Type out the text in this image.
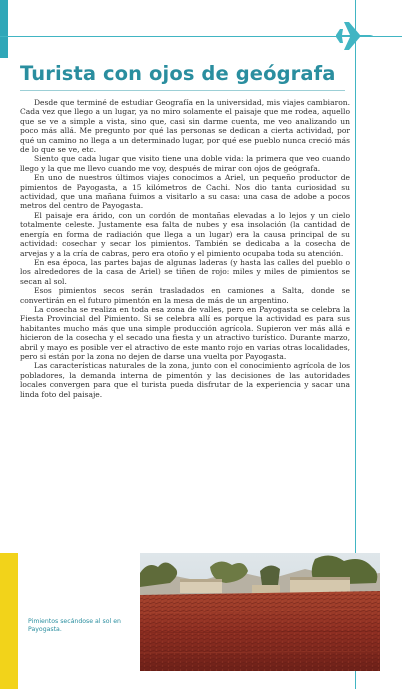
Turista con ojos de geógrafa

Desde que terminé de estudiar Geografía en la universidad, mis viajes cambiaron. Cada vez que llego a un lugar, ya no miro solamente el paisaje que me rodea, aquello que se ve a simple a vista, sino que, casi sin darme cuenta, me veo analizando un poco más allá. Me pregunto por qué las personas se dedican a cierta actividad, por qué un camino no llega a un determinado lugar, por qué ese pueblo nunca creció más de lo que se ve, etc.

Siento que cada lugar que visito tiene una doble vida: la primera que veo cuando llego y la que me llevo cuando me voy, después de mirar con ojos de geógrafa.

En uno de nuestros últimos viajes conocimos a Ariel, un pequeño productor de pimientos de Payogasta, a 15 kilómetros de Cachi. Nos dio tanta curiosidad su actividad, que una mañana fuimos a visitarlo a su casa: una casa de adobe a pocos metros del centro de Payogasta.

El paisaje era árido, con un cordón de montañas elevadas a lo lejos y un cielo totalmente celeste. Justamente esa falta de nubes y esa insolación (la cantidad de energía en forma de radiación que llega a un lugar) era la causa principal de su actividad: cosechar y secar los pimientos. También se dedicaba a la cosecha de arvejas y a la cría de cabras, pero era otoño y el pimiento ocupaba toda su atención.

En esa época, las partes bajas de algunas laderas (y hasta las calles del pueblo o los alrededores de la casa de Ariel) se tiñen de rojo: miles y miles de pimientos se secan al sol.

Esos pimientos secos serán trasladados en camiones a Salta, donde se convertirán en el futuro pimentón en la mesa de más de un argentino.

La cosecha se realiza en toda esa zona de valles, pero en Payogasta se celebra la Fiesta Provincial del Pimiento. Si se celebra allí es porque la actividad es para sus habitantes mucho más que una simple producción agrícola. Supieron ver más allá e hicieron de la cosecha y el secado una fiesta y un atractivo turístico. Durante marzo, abril y mayo es posible ver el atractivo de este manto rojo en varias otras localidades, pero si están por la zona no dejen de darse una vuelta por Payogasta.

Las características naturales de la zona, junto con el conocimiento agrícola de los pobladores, la demanda interna de pimentón y las decisiones de las autoridades locales convergen para que el turista pueda disfrutar de la experiencia y sacar una linda foto del paisaje.

Pimientos secándose al sol en Payogasta.
